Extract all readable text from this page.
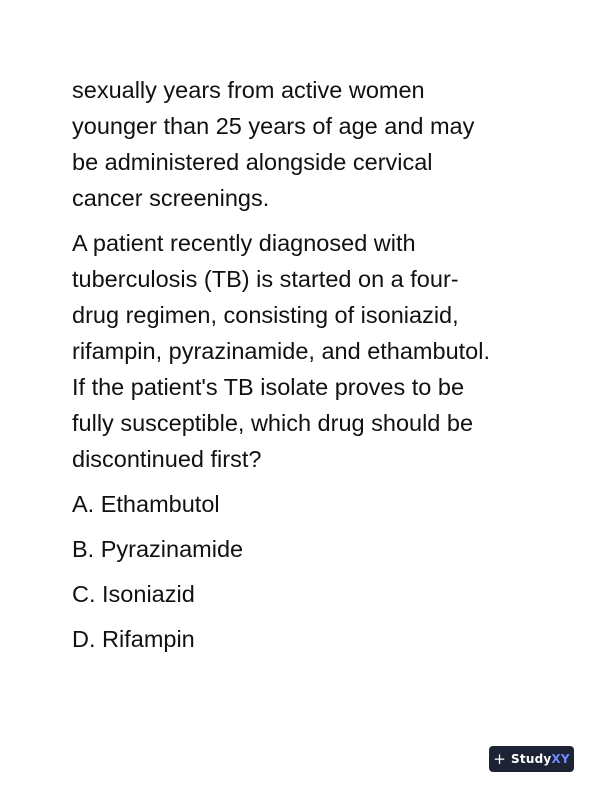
sexually years from active women
younger than 25 years of age and may
be administered alongside cervical
cancer screenings.
A patient recently diagnosed with
tuberculosis (TB) is started on a four-
drug regimen, consisting of isoniazid,
rifampin, pyrazinamide, and ethambutol.
If the patient's TB isolate proves to be
fully susceptible, which drug should be
discontinued first?
A. Ethambutol
B. Pyrazinamide
C. Isoniazid
D. Rifampin
+ Study XY
